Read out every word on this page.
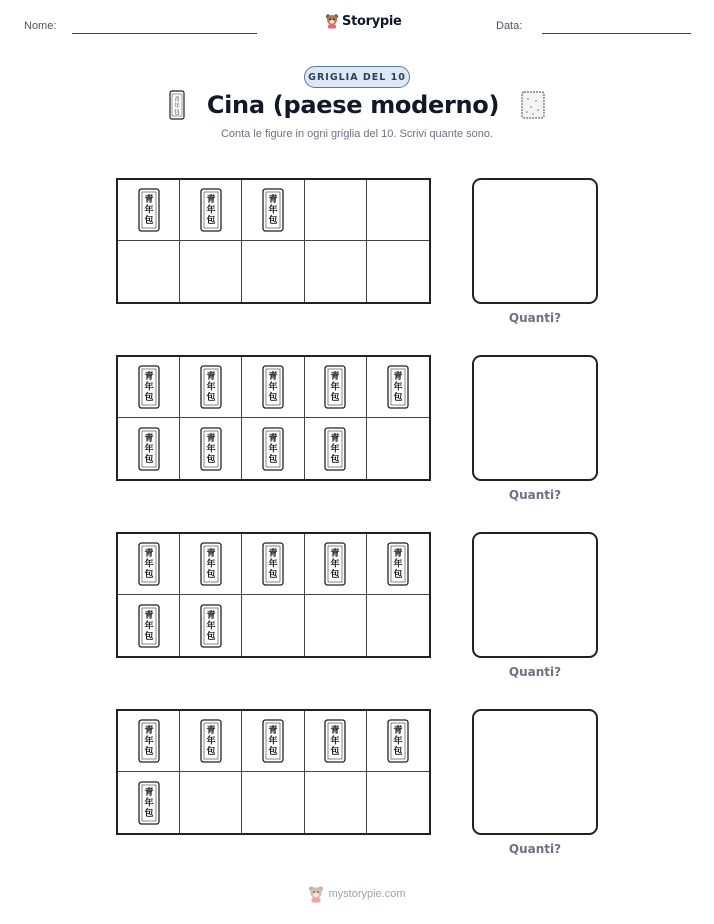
Nome:	Storypie	Data:
GRIGLIA DEL 10
青
年
包 Cina (paese moderno)
Conta le figure in ogni griglia del 10. Scrivi quante sono.
青
年
包
青
年
包
青
年
包
Quanti?
青
年
包
青
年
包
青
年
包
青
年
包
青
年
包
青
年
包
青
年
包
青
年
包
青
年
包
Quanti?
青
年
包
青
年
包
青
年
包
青
年
包
青
年
包
青
年
包
青
年
包
Quanti?
青
年
包
青
年
包
青
年
包
青
年
包
青
年
包
青
年
包
Quanti?
mystorypie.com
